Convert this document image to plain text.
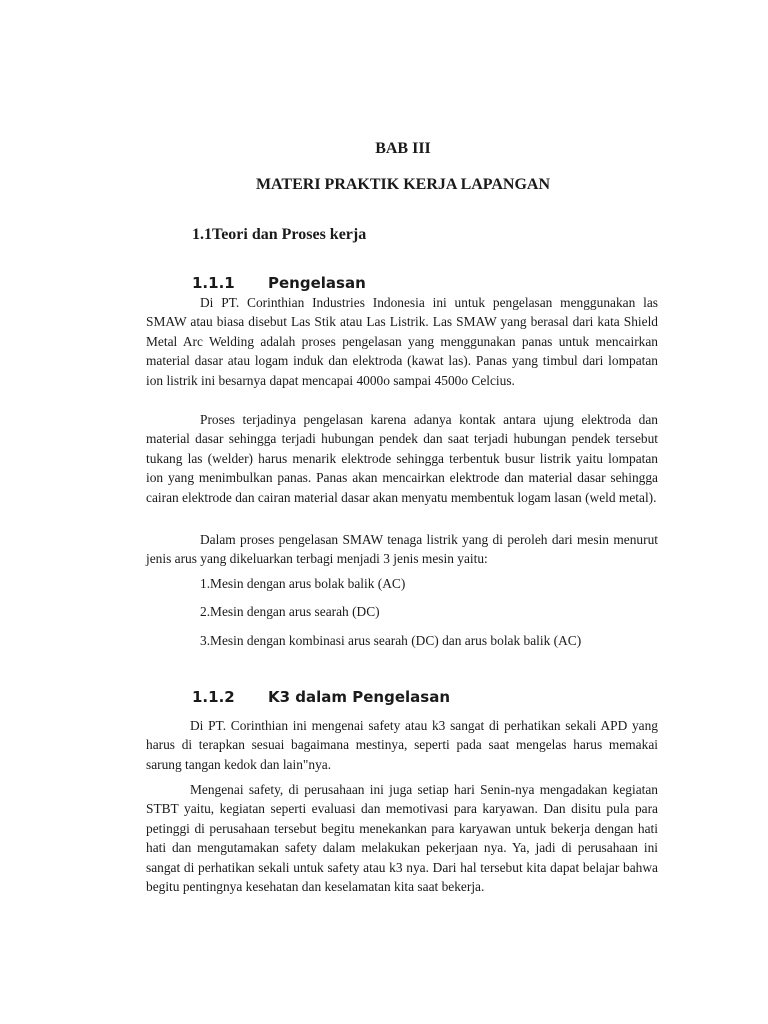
BAB III
MATERI PRAKTIK KERJA LAPANGAN
1.1Teori dan Proses kerja
1.1.1 Pengelasan

Di PT. Corinthian Industries Indonesia ini untuk pengelasan menggunakan las SMAW atau biasa disebut Las Stik atau Las Listrik. Las SMAW yang berasal dari kata Shield Metal Arc Welding adalah proses pengelasan yang menggunakan panas untuk mencairkan material dasar atau logam induk dan elektroda (kawat las). Panas yang timbul dari lompatan ion listrik ini besarnya dapat mencapai 4000o sampai 4500o Celcius.

Proses terjadinya pengelasan karena adanya kontak antara ujung elektroda dan material dasar sehingga terjadi hubungan pendek dan saat terjadi hubungan pendek tersebut tukang las (welder) harus menarik elektrode sehingga terbentuk busur listrik yaitu lompatan ion yang menimbulkan panas. Panas akan mencairkan elektrode dan material dasar sehingga cairan elektrode dan cairan material dasar akan menyatu membentuk logam lasan (weld metal).

Dalam proses pengelasan SMAW tenaga listrik yang di peroleh dari mesin menurut jenis arus yang dikeluarkan terbagi menjadi 3 jenis mesin yaitu:

1.Mesin dengan arus bolak balik (AC)

2.Mesin dengan arus searah (DC)

3.Mesin dengan kombinasi arus searah (DC) dan arus bolak balik (AC)

1.1.2 K3 dalam Pengelasan

Di PT. Corinthian ini mengenai safety atau k3 sangat di perhatikan sekali APD yang harus di terapkan sesuai bagaimana mestinya, seperti pada saat mengelas harus memakai sarung tangan kedok dan lain"nya.

Mengenai safety, di perusahaan ini juga setiap hari Senin-nya mengadakan kegiatan STBT yaitu, kegiatan seperti evaluasi dan memotivasi para karyawan. Dan disitu pula para petinggi di perusahaan tersebut begitu menekankan para karyawan untuk bekerja dengan hati hati dan mengutamakan safety dalam melakukan pekerjaan nya. Ya, jadi di perusahaan ini sangat di perhatikan sekali untuk safety atau k3 nya. Dari hal tersebut kita dapat belajar bahwa begitu pentingnya kesehatan dan keselamatan kita saat bekerja.
